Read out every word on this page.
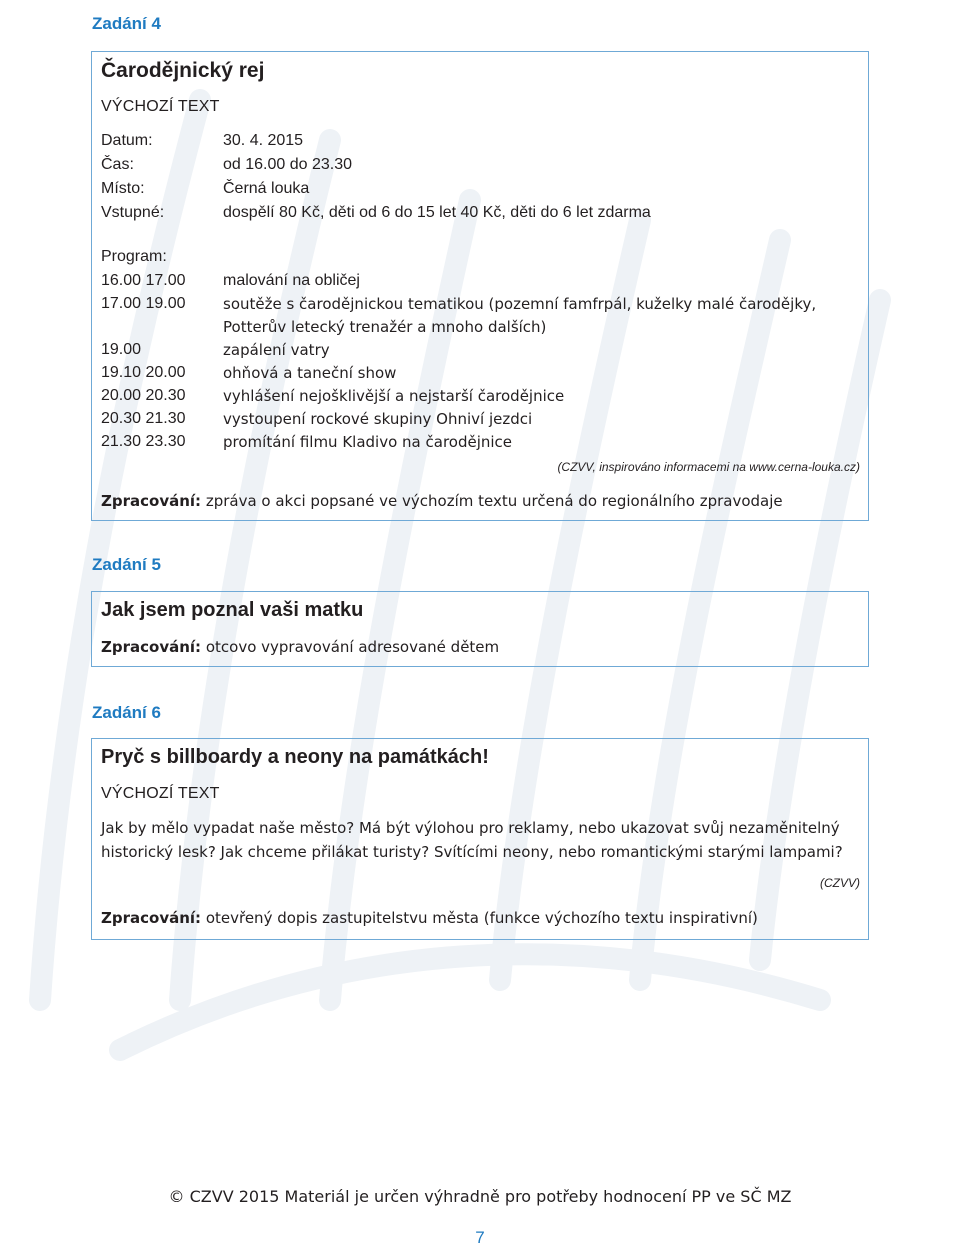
Zadání 4
Čarodějnický rej
VÝCHOZÍ TEXT
Datum:	30. 4. 2015
Čas:	od 16.00 do 23.30
Místo:	Černá louka
Vstupné:	dospělí 80 Kč, děti od 6 do 15 let 40 Kč, děti do 6 let zdarma
Program:
16.00 17.00 malování na obličej
17.00 19.00 soutěže s čarodějnickou tematikou (pozemní famfrpál, kuželky malé čarodějky,
Potterův letecký trenažér a mnoho dalších)
19.00	zapálení vatry
19.10 20.00 ohňová a taneční show
20.00 20.30 vyhlášení nejošklivější a nejstarší čarodějnice
20.30 21.30 vystoupení rockové skupiny Ohniví jezdci
21.30 23.30 promítání filmu Kladivo na čarodějnice
(CZVV, inspirováno informacemi na www.cerna-louka.cz)
Zpracování: zpráva o akci popsané ve výchozím textu určená do regionálního zpravodaje
Zadání 5
Jak jsem poznal vaši matku
Zpracování: otcovo vypravování adresované dětem
Zadání 6
Pryč s billboardy a neony na památkách!
VÝCHOZÍ TEXT
Jak by mělo vypadat naše město? Má být výlohou pro reklamy, nebo ukazovat svůj nezaměnitelný
historický lesk? Jak chceme přilákat turisty? Svítícími neony, nebo romantickými starými lampami?
(CZVV)
Zpracování: otevřený dopis zastupitelstvu města (funkce výchozího textu inspirativní)
© CZVV 2015 Materiál je určen výhradně pro potřeby hodnocení PP ve SČ MZ
7
